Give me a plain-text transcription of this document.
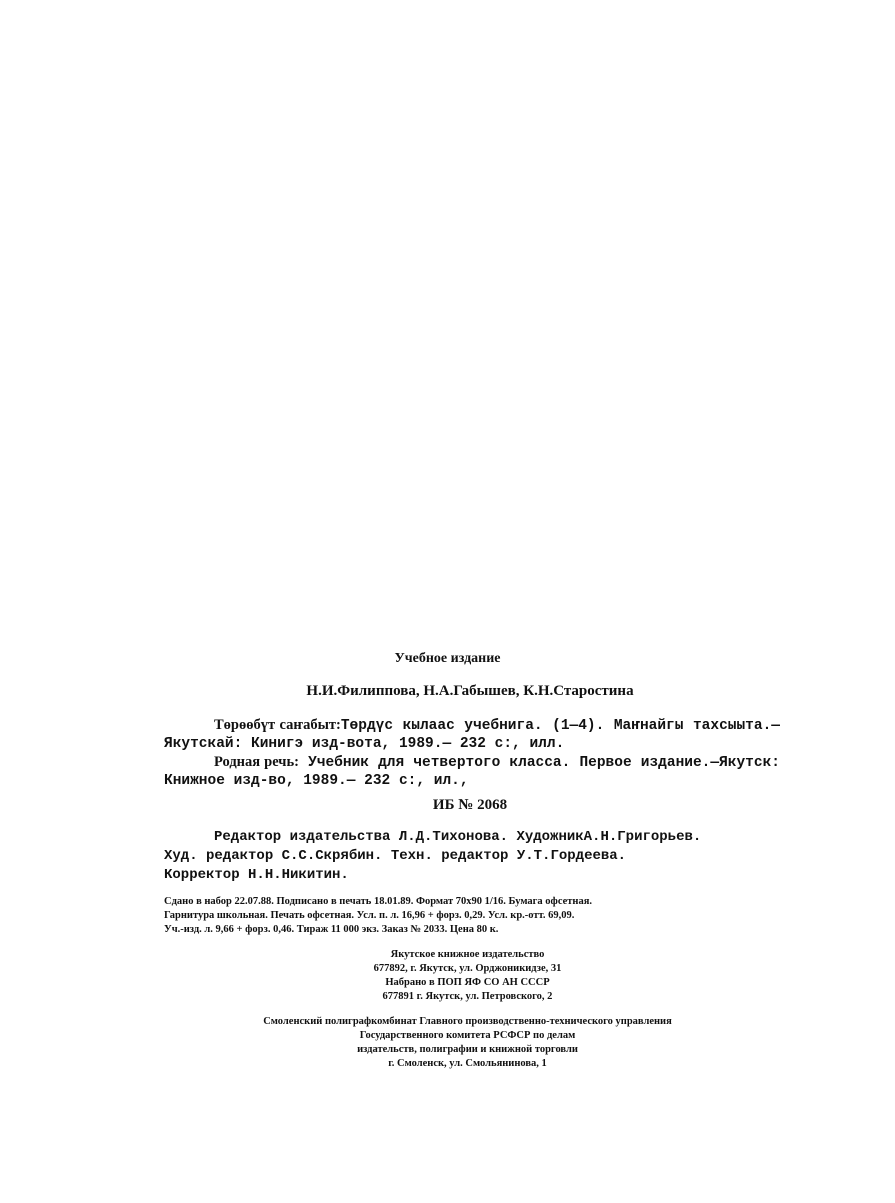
Учебное издание
Н.И.Филиппова, Н.А.Габышев, К.Н.Старостина

Төрөөбүт саҥабыт:Төрдүс кылаас учебнига. (1—4). Маҥнайгы тахсыыта.—Якутскай: Кинигэ изд-вота, 1989.— 232 с:, илл.

Родная речь: Учебник для четвертого класса. Первое издание.—Якутск: Книжное изд-во, 1989.— 232 с:, ил.,

ИБ № 2068

Редактор издательства Л.Д.Тихонова. ХудожникА.Н.Григорьев.

Худ. редактор С.С.Скрябин. Техн. редактор У.Т.Гордеева.

Корректор Н.Н.Никитин.

Сдано в набор 22.07.88. Подписано в печать 18.01.89. Формат 70х90 1/16. Бумага офсетная.

Гарнитура школьная. Печать офсетная. Усл. п. л. 16,96 + форз. 0,29. Усл. кр.-отт. 69,09.

Уч.-изд. л. 9,66 + форз. 0,46. Тираж 11 000 экз. Заказ № 2033. Цена 80 к.

Якутское книжное издательство

677892, г. Якутск, ул. Орджоникидзе, 31

Набрано в ПОП ЯФ СО АН СССР

677891 г. Якутск, ул. Петровского, 2

Смоленский полиграфкомбинат Главного производственно-технического управления

Государственного комитета РСФСР по делам

издательств, полиграфии и книжной торговли

г. Смоленск, ул. Смольянинова, 1
